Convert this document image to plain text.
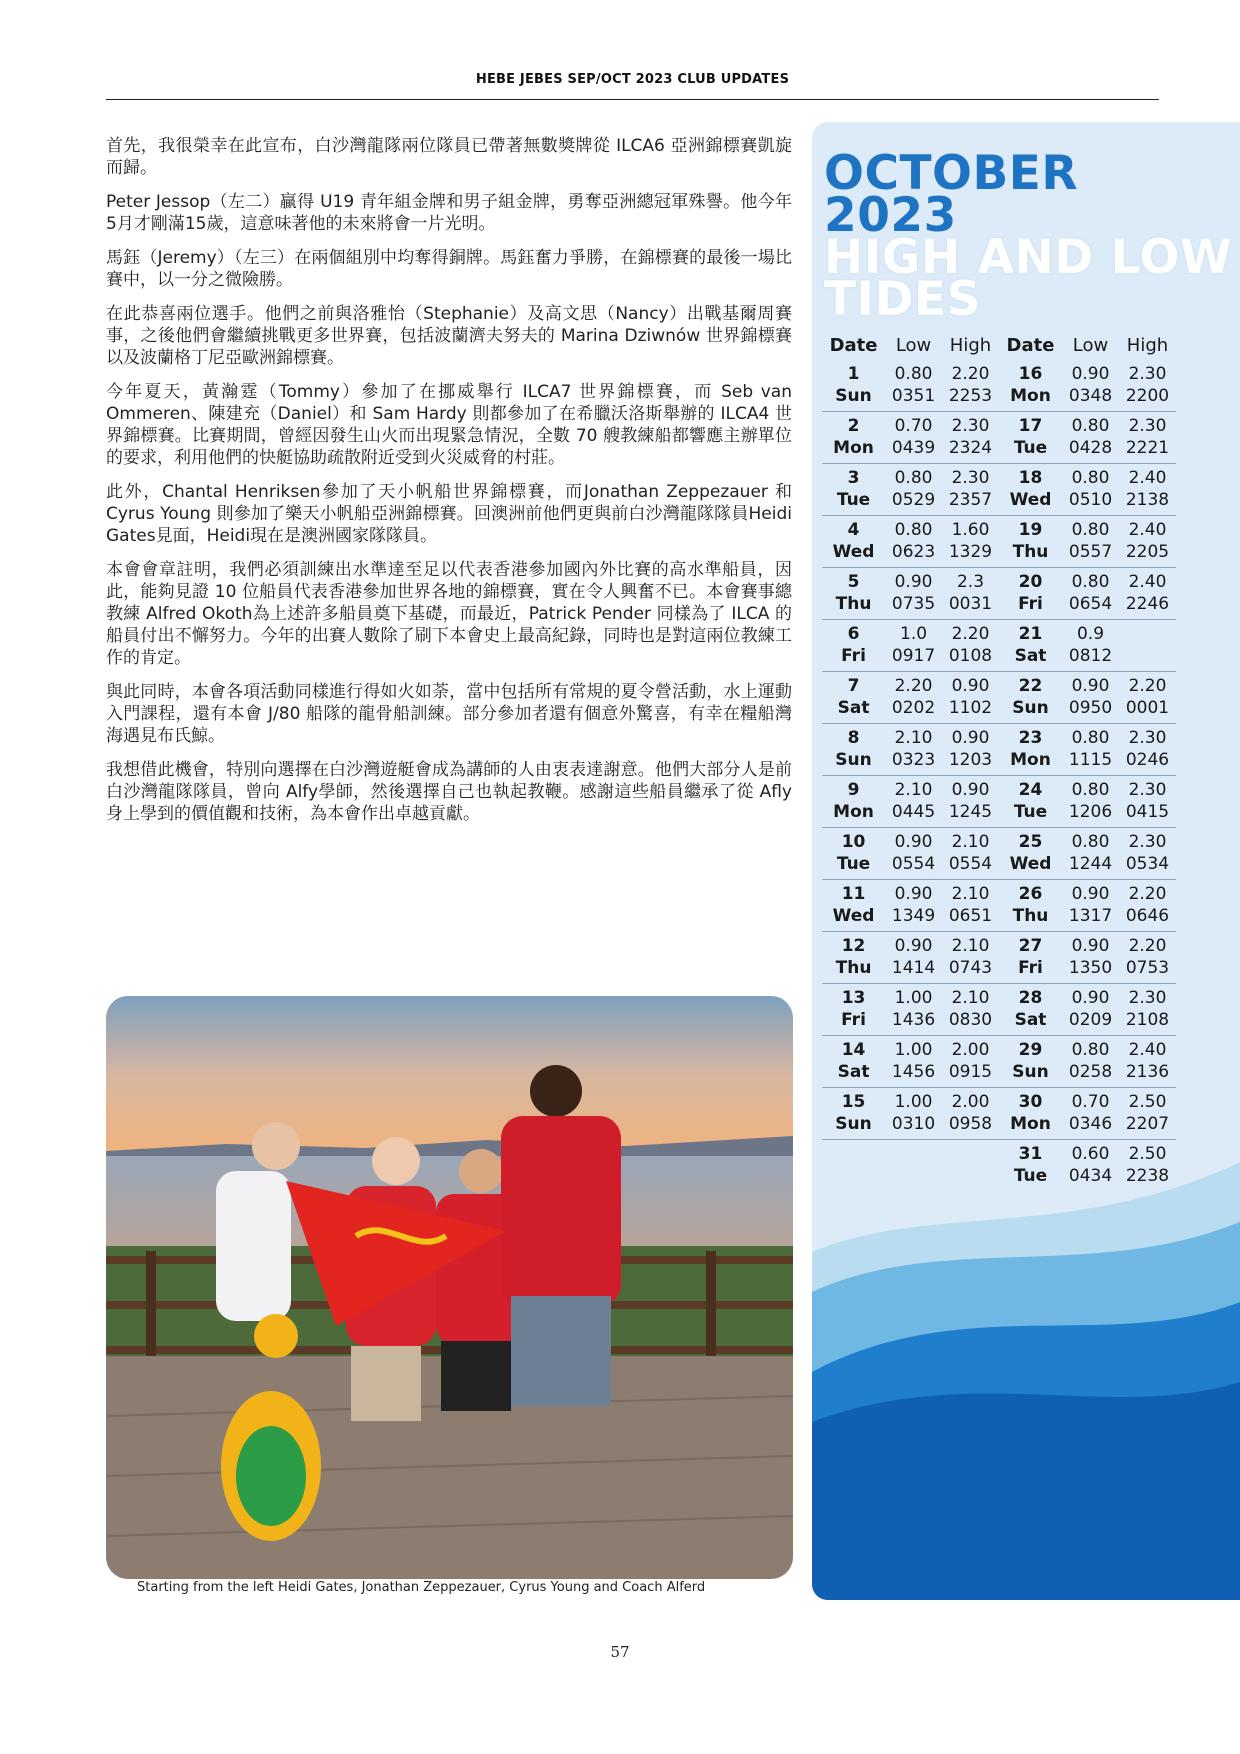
HEBE JEBES SEP/OCT 2023 CLUB UPDATES

首先，我很榮幸在此宣布，白沙灣龍隊兩位隊員已帶著無數獎牌從 ILCA6 亞洲錦標賽凱旋而歸。

Peter Jessop（左二）贏得 U19 青年組金牌和男子組金牌，勇奪亞洲總冠軍殊譽。他今年5月才剛滿15歲，這意味著他的未來將會一片光明。

馬鈺（Jeremy）（左三）在兩個組別中均奪得銅牌。馬鈺奮力爭勝，在錦標賽的最後一場比賽中，以一分之微險勝。

在此恭喜兩位選手。他們之前與洛雅怡（Stephanie）及高文思（Nancy）出戰基爾周賽事，之後他們會繼續挑戰更多世界賽，包括波蘭濟夫努夫的 Marina Dziwnów 世界錦標賽以及波蘭格丁尼亞歐洲錦標賽。

今年夏天，黃瀚霆（Tommy）參加了在挪威舉行 ILCA7 世界錦標賽，而 Seb van Ommeren、陳建充（Daniel）和 Sam Hardy 則都參加了在希臘沃洛斯舉辦的 ILCA4 世界錦標賽。比賽期間，曾經因發生山火而出現緊急情況，全數 70 艘教練船都響應主辦單位的要求，利用他們的快艇協助疏散附近受到火災威脅的村莊。

此外，Chantal Henriksen參加了天小帆船世界錦標賽，而Jonathan Zeppezauer 和 Cyrus Young 則參加了樂天小帆船亞洲錦標賽。回澳洲前他們更與前白沙灣龍隊隊員Heidi Gates見面，Heidi現在是澳洲國家隊隊員。

本會會章註明，我們必須訓練出水準達至足以代表香港參加國內外比賽的高水準船員，因此，能夠見證 10 位船員代表香港參加世界各地的錦標賽，實在令人興奮不已。本會賽事總教練 Alfred Okoth為上述許多船員奠下基礎，而最近，Patrick Pender 同樣為了 ILCA 的船員付出不懈努力。今年的出賽人數除了刷下本會史上最高紀錄，同時也是對這兩位教練工作的肯定。

與此同時，本會各項活動同樣進行得如火如荼，當中包括所有常規的夏令營活動，水上運動入門課程，還有本會 J/80 船隊的龍骨船訓練。部分參加者還有個意外驚喜，有幸在糧船灣海遇見布氏鯨。

我想借此機會，特別向選擇在白沙灣遊艇會成為講師的人由衷表達謝意。他們大部分人是前白沙灣龍隊隊員，曾向 Alfy學師，然後選擇自己也執起教鞭。感謝這些船員繼承了從 Afly 身上學到的價值觀和技術，為本會作出卓越貢獻。

Starting from the left Heidi Gates, Jonathan Zeppezauer, Cyrus Young and Coach Alferd
OCTOBER
2023
HIGH AND LOW
TIDES
Date	Low	High	Date	Low	High
1	0.80	2.20	16	0.90	2.30
Sun	0351	2253	Mon	0348	2200
2	0.70	2.30	17	0.80	2.30
Mon	0439	2324	Tue	0428	2221
3	0.80	2.30	18	0.80	2.40
Tue	0529	2357	Wed	0510	2138
4	0.80	1.60	19	0.80	2.40
Wed	0623	1329	Thu	0557	2205
5	0.90	2.3	20	0.80	2.40
Thu	0735	0031	Fri	0654	2246
6	1.0	2.20	21	0.9	
Fri	0917	0108	Sat	0812	
7	2.20	0.90	22	0.90	2.20
Sat	0202	1102	Sun	0950	0001
8	2.10	0.90	23	0.80	2.30
Sun	0323	1203	Mon	1115	0246
9	2.10	0.90	24	0.80	2.30
Mon	0445	1245	Tue	1206	0415
10	0.90	2.10	25	0.80	2.30
Tue	0554	0554	Wed	1244	0534
11	0.90	2.10	26	0.90	2.20
Wed	1349	0651	Thu	1317	0646
12	0.90	2.10	27	0.90	2.20
Thu	1414	0743	Fri	1350	0753
13	1.00	2.10	28	0.90	2.30
Fri	1436	0830	Sat	0209	2108
14	1.00	2.00	29	0.80	2.40
Sat	1456	0915	Sun	0258	2136
15	1.00	2.00	30	0.70	2.50
Sun	0310	0958	Mon	0346	2207
			31	0.60	2.50
			Tue	0434	2238
57
